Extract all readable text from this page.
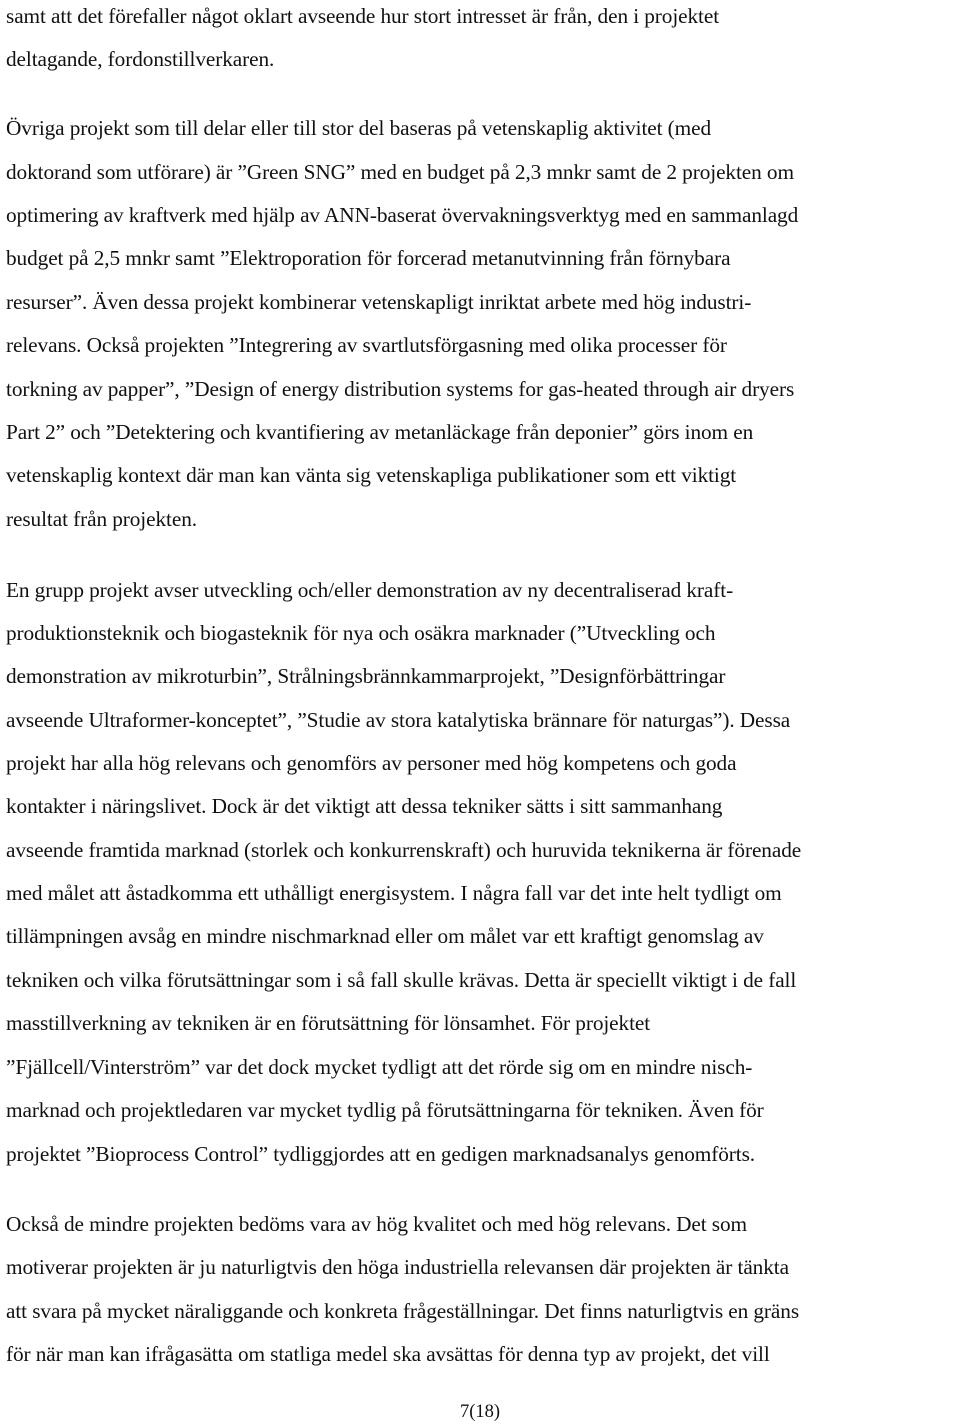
samt att det förefaller något oklart avseende hur stort intresset är från, den i projektet
deltagande, fordonstillverkaren.
Övriga projekt som till delar eller till stor del baseras på vetenskaplig aktivitet (med
doktorand som utförare) är ”Green SNG” med en budget på 2,3 mnkr samt de 2 projekten om
optimering av kraftverk med hjälp av ANN-baserat övervakningsverktyg med en sammanlagd
budget på 2,5 mnkr samt ”Elektroporation för forcerad metanutvinning från förnybara
resurser”. Även dessa projekt kombinerar vetenskapligt inriktat arbete med hög industri-
relevans. Också projekten ”Integrering av svartlutsförgasning med olika processer för
torkning av papper”, ”Design of energy distribution systems for gas-heated through air dryers
Part 2” och ”Detektering och kvantifiering av metanläckage från deponier” görs inom en
vetenskaplig kontext där man kan vänta sig vetenskapliga publikationer som ett viktigt
resultat från projekten.
En grupp projekt avser utveckling och/eller demonstration av ny decentraliserad kraft-
produktionsteknik och biogasteknik för nya och osäkra marknader (”Utveckling och
demonstration av mikroturbin”, Strålningsbrännkammarprojekt, ”Designförbättringar
avseende Ultraformer-konceptet”, ”Studie av stora katalytiska brännare för naturgas”). Dessa
projekt har alla hög relevans och genomförs av personer med hög kompetens och goda
kontakter i näringslivet. Dock är det viktigt att dessa tekniker sätts i sitt sammanhang
avseende framtida marknad (storlek och konkurrenskraft) och huruvida teknikerna är förenade
med målet att åstadkomma ett uthålligt energisystem. I några fall var det inte helt tydligt om
tillämpningen avsåg en mindre nischmarknad eller om målet var ett kraftigt genomslag av
tekniken och vilka förutsättningar som i så fall skulle krävas. Detta är speciellt viktigt i de fall
masstillverkning av tekniken är en förutsättning för lönsamhet. För projektet
”Fjällcell/Vinterström” var det dock mycket tydligt att det rörde sig om en mindre nisch-
marknad och projektledaren var mycket tydlig på förutsättningarna för tekniken. Även för
projektet ”Bioprocess Control” tydliggjordes att en gedigen marknadsanalys genomförts.
Också de mindre projekten bedöms vara av hög kvalitet och med hög relevans. Det som
motiverar projekten är ju naturligtvis den höga industriella relevansen där projekten är tänkta
att svara på mycket näraliggande och konkreta frågeställningar. Det finns naturligtvis en gräns
för när man kan ifrågasätta om statliga medel ska avsättas för denna typ av projekt, det vill
7(18)
